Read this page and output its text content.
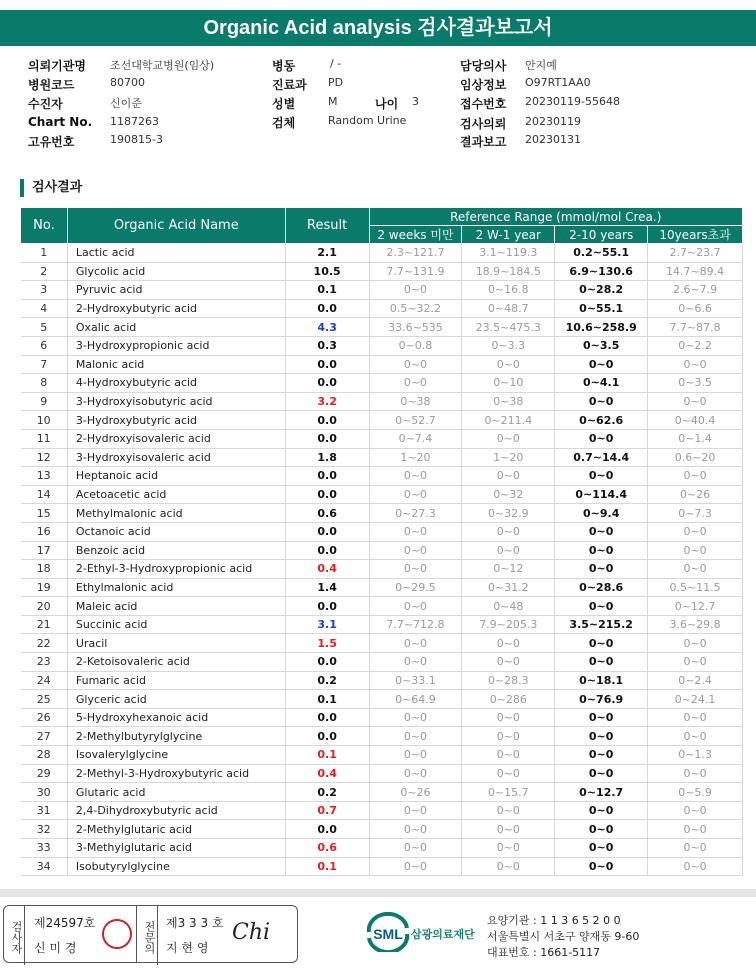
Organic Acid analysis 검사결과보고서
의뢰기관명 조선대학교병원(임상)
병원코드	80700
수진자	신이준
Chart No. 1187263
고유번호	190815-3
병동	/ -
진료과 PD
성별	M	나이 3
검체	Random Urine
담당의사 안지예
임상정보 O97RT1AA0
접수번호 20230119-55648
검사의뢰 20230119
결과보고 20230131
검사결과
No.	Organic Acid Name	Result	Reference Range (mmol/mol Crea.)			
			2 weeks 미만	2 W-1 year	2-10 years	10years초과
1	Lactic acid	2.1	2.3~121.7	3.1~119.3	0.2~55.1	2.7~23.7
2	Glycolic acid	10.5	7.7~131.9	18.9~184.5	6.9~130.6	14.7~89.4
3	Pyruvic acid	0.1	0~0	0~16.8	0~28.2	2.6~7.9
4	2-Hydroxybutyric acid	0.0	0.5~32.2	0~48.7	0~55.1	0~6.6
5	Oxalic acid	4.3	33.6~535	23.5~475.3	10.6~258.9	7.7~87.8
6	3-Hydroxypropionic acid	0.3	0~0.8	0~3.3	0~3.5	0~2.2
7	Malonic acid	0.0	0~0	0~0	0~0	0~0
8	4-Hydroxybutyric acid	0.0	0~0	0~10	0~4.1	0~3.5
9	3-Hydroxyisobutyric acid	3.2	0~38	0~38	0~0	0~0
10	3-Hydroxybutyric acid	0.0	0~52.7	0~211.4	0~62.6	0~40.4
11	2-Hydroxyisovaleric acid	0.0	0~7.4	0~0	0~0	0~1.4
12	3-Hydroxyisovaleric acid	1.8	1~20	1~20	0.7~14.4	0.6~20
13	Heptanoic acid	0.0	0~0	0~0	0~0	0~0
14	Acetoacetic acid	0.0	0~0	0~32	0~114.4	0~26
15	Methylmalonic acid	0.6	0~27.3	0~32.9	0~9.4	0~7.3
16	Octanoic acid	0.0	0~0	0~0	0~0	0~0
17	Benzoic acid	0.0	0~0	0~0	0~0	0~0
18	2-Ethyl-3-Hydroxypropionic acid	0.4	0~0	0~12	0~0	0~0
19	Ethylmalonic acid	1.4	0~29.5	0~31.2	0~28.6	0.5~11.5
20	Maleic acid	0.0	0~0	0~48	0~0	0~12.7
21	Succinic acid	3.1	7.7~712.8	7.9~205.3	3.5~215.2	3.6~29.8
22	Uracil	1.5	0~0	0~0	0~0	0~0
23	2-Ketoisovaleric acid	0.0	0~0	0~0	0~0	0~0
24	Fumaric acid	0.2	0~33.1	0~28.3	0~18.1	0~2.4
25	Glyceric acid	0.1	0~64.9	0~286	0~76.9	0~24.1
26	5-Hydroxyhexanoic acid	0.0	0~0	0~0	0~0	0~0
27	2-Methylbutyrylglycine	0.0	0~0	0~0	0~0	0~0
28	Isovalerylglycine	0.1	0~0	0~0	0~0	0~1.3
29	2-Methyl-3-Hydroxybutyric acid	0.4	0~0	0~0	0~0	0~0
30	Glutaric acid	0.2	0~26	0~15.7	0~12.7	0~5.9
31	2,4-Dihydroxybutyric acid	0.7	0~0	0~0	0~0	0~0
32	2-Methylglutaric acid	0.0	0~0	0~0	0~0	0~0
33	3-Methylglutaric acid	0.6	0~0	0~0	0~0	0~0
34	Isobutyrylglycine	0.1	0~0	0~0	0~0	0~0
검사자 제24597호
신 미 경	전문의 제3 3 3 호
지 현 영
Chi	SML 삼광의료재단
요양기관 : 1 1 3 6 5 2 0 0
서울특별시 서초구 양재동 9-60
대표번호 : 1661-5117
